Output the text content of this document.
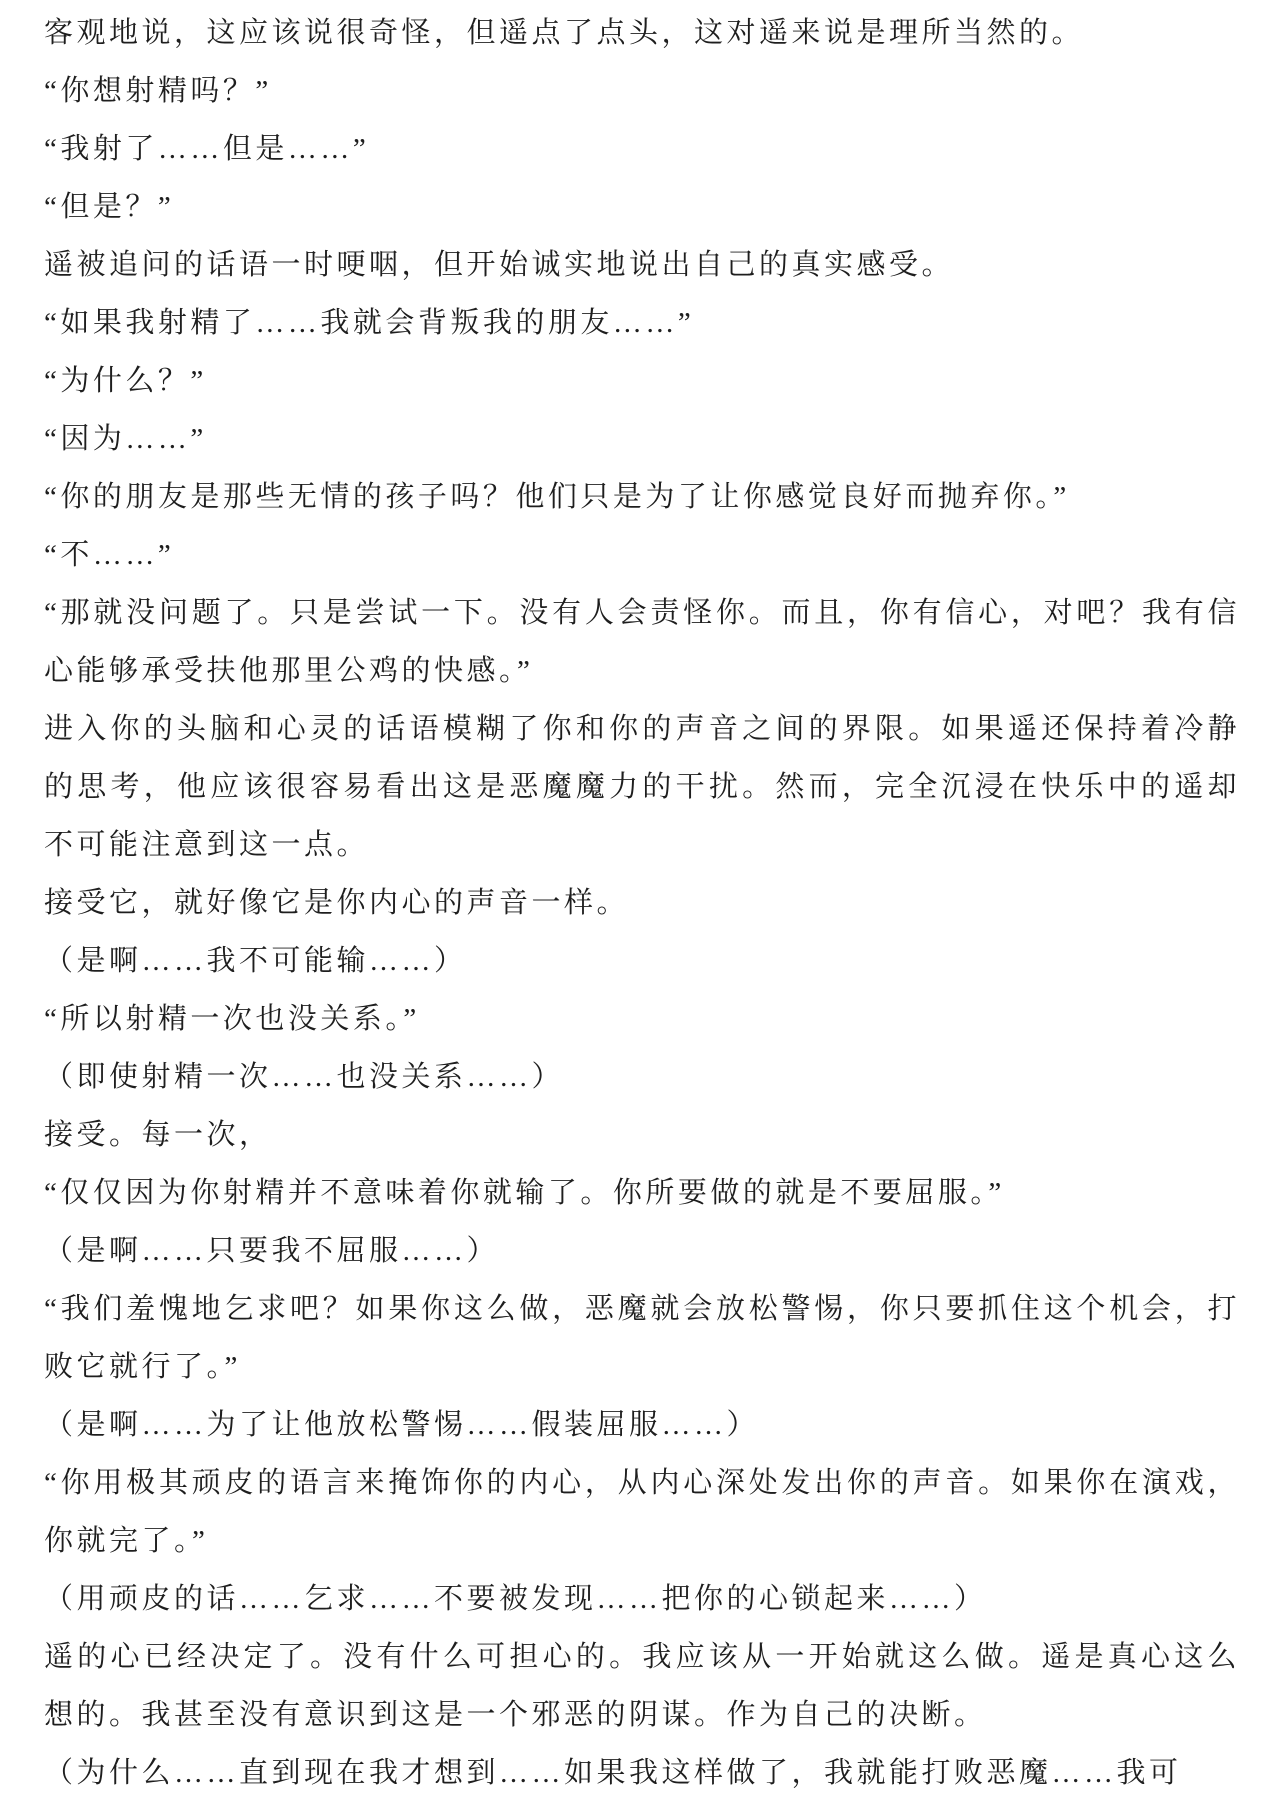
客观地说，这应该说很奇怪，但遥点了点头，这对遥来说是理所当然的。

“你想射精吗？”

“我射了……但是……”

“但是？”

遥被追问的话语一时哽咽，但开始诚实地说出自己的真实感受。

“如果我射精了……我就会背叛我的朋友……”

“为什么？”

“因为……”

“你的朋友是那些无情的孩子吗？他们只是为了让你感觉良好而抛弃你。”

“不……”

“那就没问题了。只是尝试一下。没有人会责怪你。而且，你有信心，对吧？我有信心能够承受扶他那里公鸡的快感。”

进入你的头脑和心灵的话语模糊了你和你的声音之间的界限。如果遥还保持着冷静的思考，他应该很容易看出这是恶魔魔力的干扰。然而，完全沉浸在快乐中的遥却不可能注意到这一点。

接受它，就好像它是你内心的声音一样。

（是啊……我不可能输……）

“所以射精一次也没关系。”

（即使射精一次……也没关系……）

接受。每一次，

“仅仅因为你射精并不意味着你就输了。你所要做的就是不要屈服。”

（是啊……只要我不屈服……）

“我们羞愧地乞求吧？如果你这么做，恶魔就会放松警惕，你只要抓住这个机会，打败它就行了。”

（是啊……为了让他放松警惕……假装屈服……）

“你用极其顽皮的语言来掩饰你的内心，从内心深处发出你的声音。如果你在演戏，你就完了。”

（用顽皮的话……乞求……不要被发现……把你的心锁起来……）

遥的心已经决定了。没有什么可担心的。我应该从一开始就这么做。遥是真心这么想的。我甚至没有意识到这是一个邪恶的阴谋。作为自己的决断。

（为什么……直到现在我才想到……如果我这样做了，我就能打败恶魔……我可
